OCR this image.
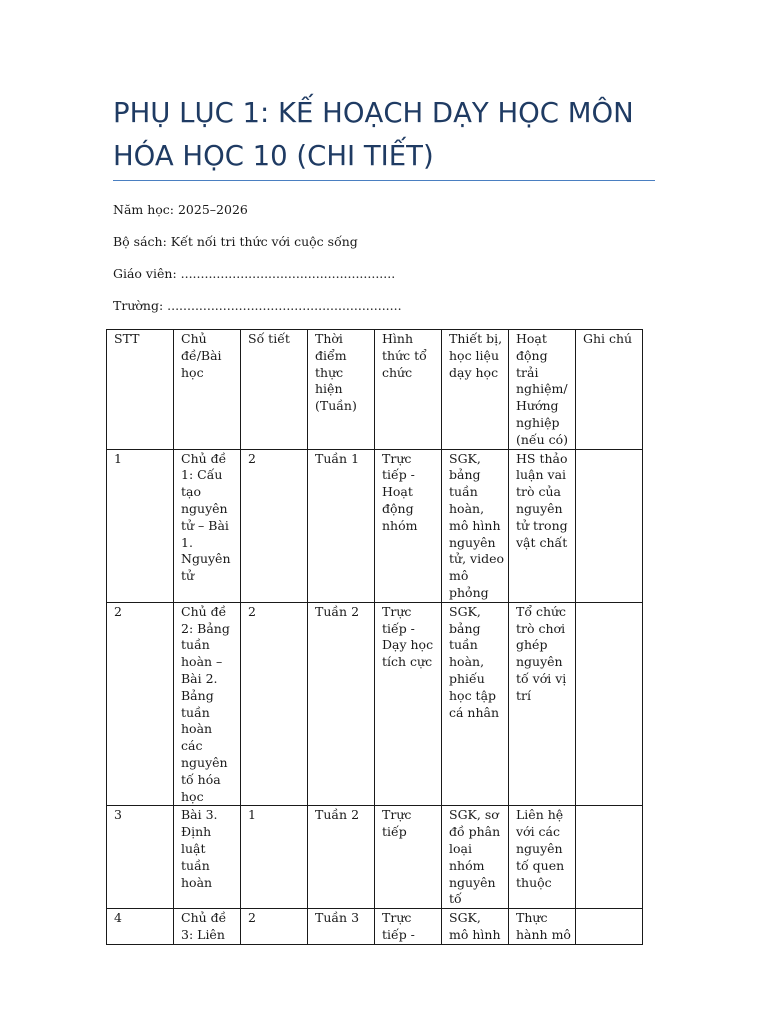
PHỤ LỤC 1: KẾ HOẠCH DẠY HỌC MÔN HÓA HỌC 10 (CHI TIẾT)
Năm học: 2025–2026
Bộ sách: Kết nối tri thức với cuộc sống
Giáo viên: ......................................................
Trường: ...........................................................
STT	Chủ đề/Bài học	Số tiết	Thời điểm thực hiện (Tuần)	Hình thức tổ chức	Thiết bị, học liệu dạy học	Hoạt động trải nghiệm/ Hướng nghiệp (nếu có)	Ghi chú
1	Chủ đề 1: Cấu tạo nguyên tử – Bài 1. Nguyên tử	2	Tuần 1	Trực tiếp - Hoạt động nhóm	SGK, bảng tuần hoàn, mô hình nguyên tử, video mô phỏng	HS thảo luận vai trò của nguyên tử trong vật chất	
2	Chủ đề 2: Bảng tuần hoàn – Bài 2. Bảng tuần hoàn các nguyên tố hóa học	2	Tuần 2	Trực tiếp - Dạy học tích cực	SGK, bảng tuần hoàn, phiếu học tập cá nhân	Tổ chức trò chơi ghép nguyên tố với vị trí	
3	Bài 3. Định luật tuần hoàn	1	Tuần 2	Trực tiếp	SGK, sơ đồ phân loại nhóm nguyên tố	Liên hệ với các nguyên tố quen thuộc	

4	Chủ đề 3: Liên	2	Tuần 3	Trực tiếp -	SGK, mô hình	Thực hành mô	
